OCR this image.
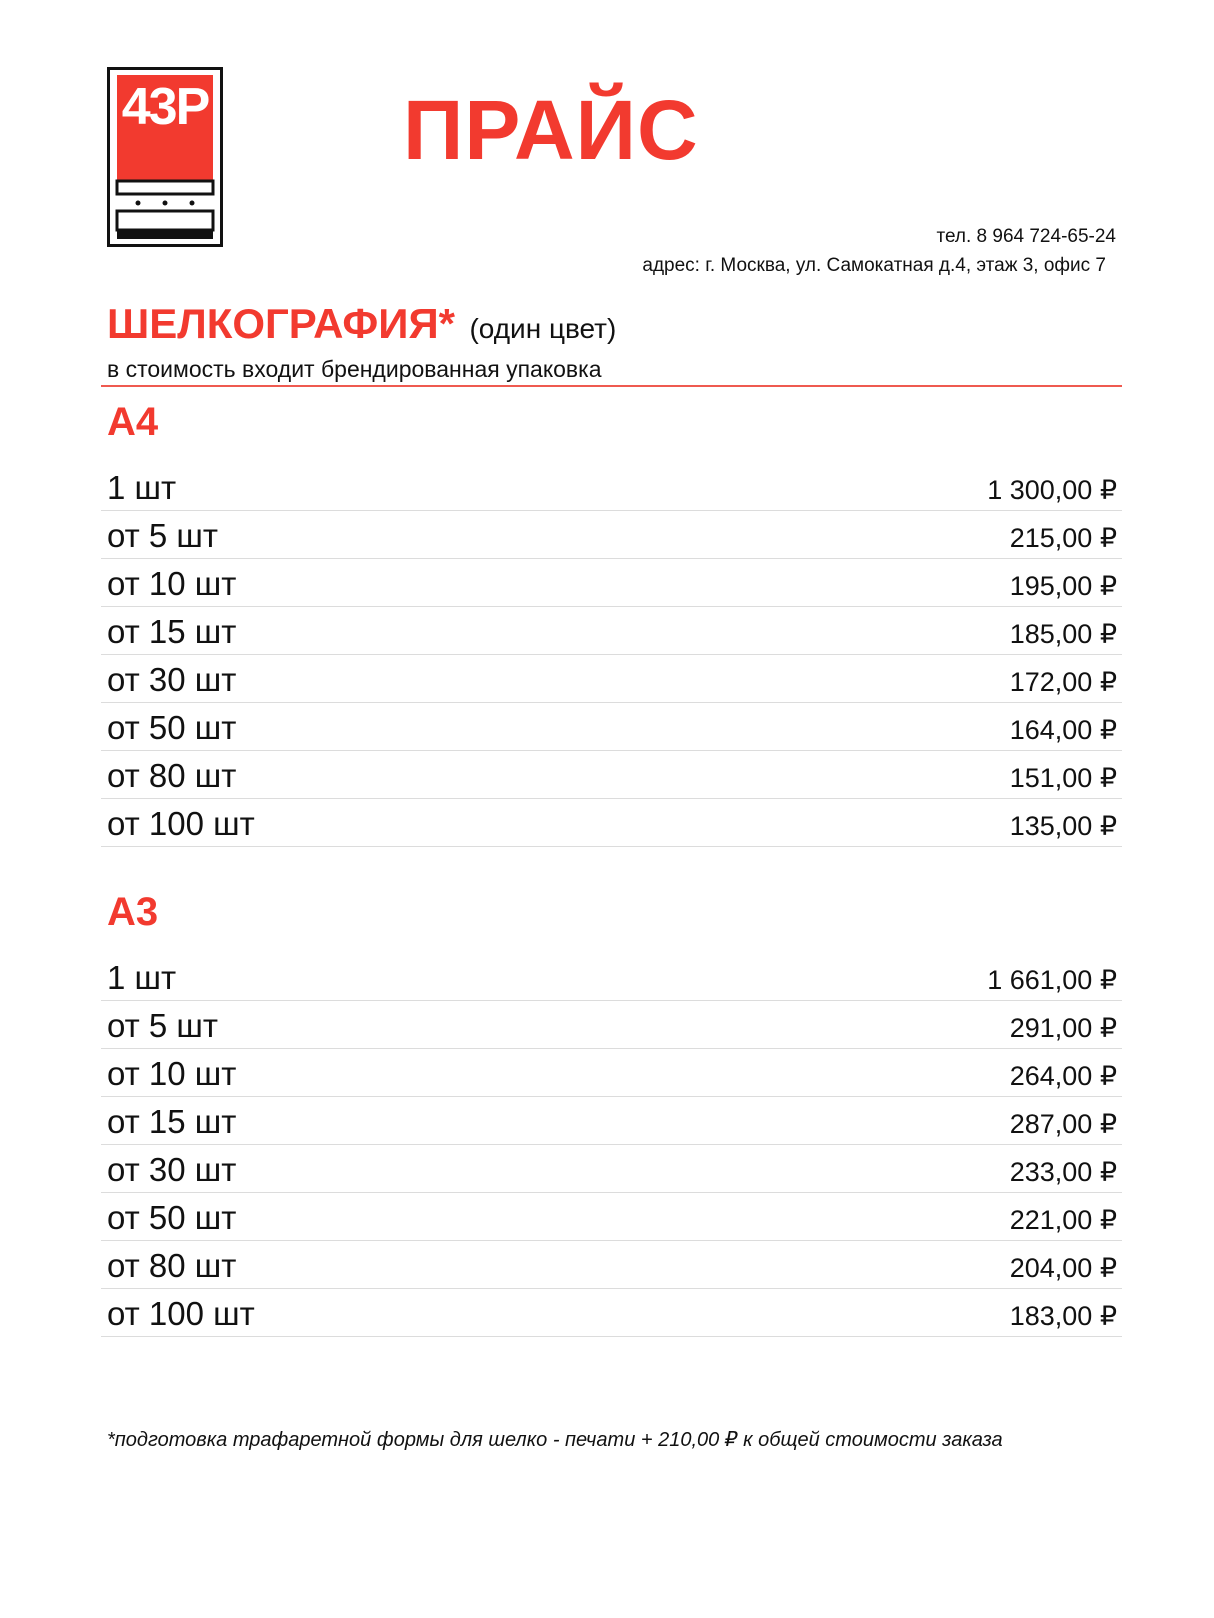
43Р ПРАЙС
тел. 8 964 724-65-24
адрес: г. Москва, ул. Самокатная д.4, этаж 3, офис 7
ШЕЛКОГРАФИЯ* (один цвет)
в стоимость входит брендированная упаковка
А4
1 шт	1 300,00 ₽
от 5 шт	215,00 ₽
от 10 шт	195,00 ₽
от 15 шт	185,00 ₽
от 30 шт	172,00 ₽
от 50 шт	164,00 ₽
от 80 шт	151,00 ₽
от 100 шт	135,00 ₽
А3
1 шт	1 661,00 ₽
от 5 шт	291,00 ₽
от 10 шт	264,00 ₽
от 15 шт	287,00 ₽
от 30 шт	233,00 ₽
от 50 шт	221,00 ₽
от 80 шт	204,00 ₽
от 100 шт	183,00 ₽
*подготовка трафаретной формы для шелко - печати + 210,00 ₽ к общей стоимости заказа
